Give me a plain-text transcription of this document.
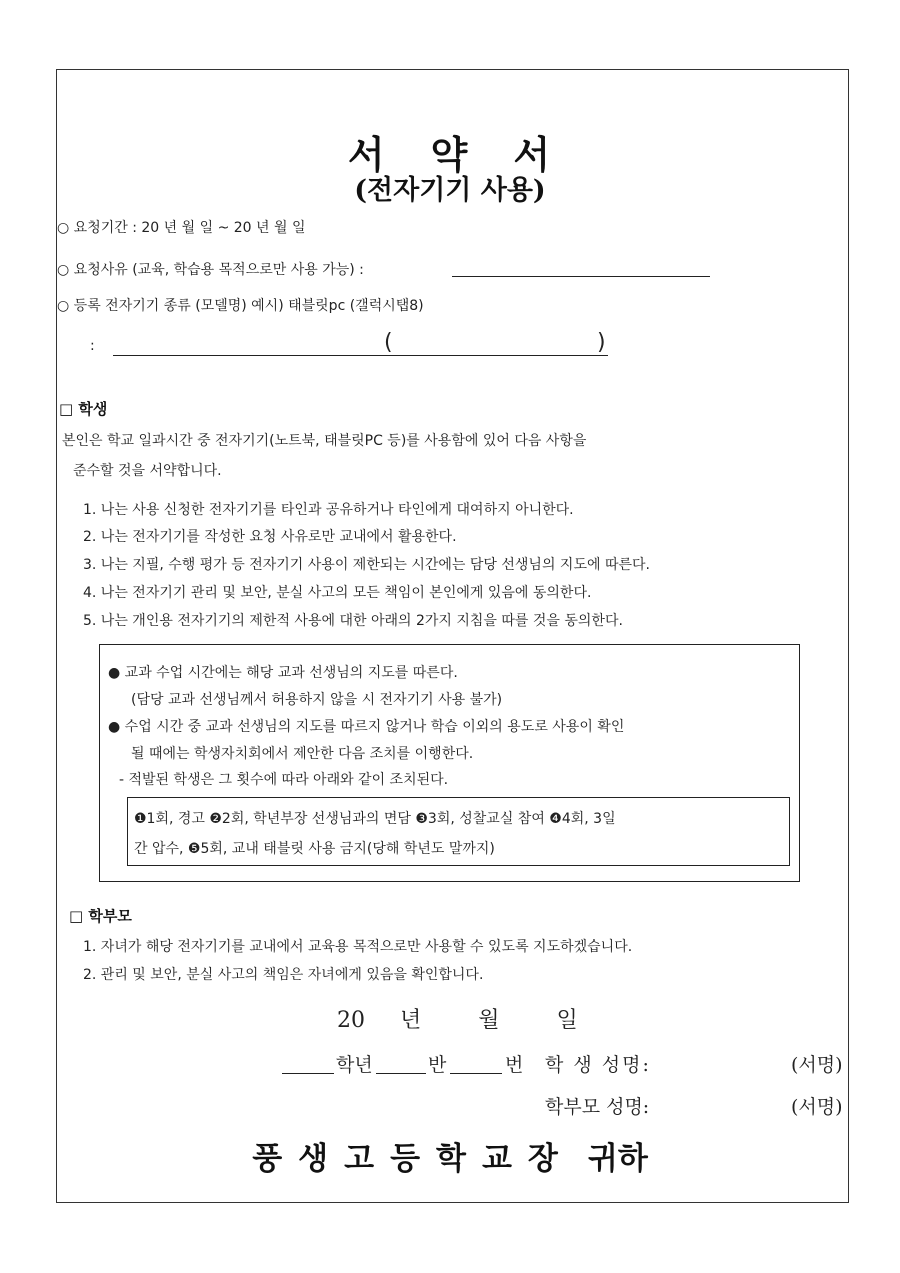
서 약 서
(전자기기 사용)
○ 요청기간 : 20 년 월 일 ~ 20 년 월 일
○ 요청사유 (교육, 학습용 목적으로만 사용 가능) :
○ 등록 전자기기 종류 (모델명) 예시) 태블릿pc (갤럭시탭8)
:	(	)
□ 학생
본인은 학교 일과시간 중 전자기기(노트북, 태블릿PC 등)를 사용함에 있어 다음 사항을
준수할 것을 서약합니다.
1. 나는 사용 신청한 전자기기를 타인과 공유하거나 타인에게 대여하지 아니한다.
2. 나는 전자기기를 작성한 요청 사유로만 교내에서 활용한다.
3. 나는 지필, 수행 평가 등 전자기기 사용이 제한되는 시간에는 담당 선생님의 지도에 따른다.
4. 나는 전자기기 관리 및 보안, 분실 사고의 모든 책임이 본인에게 있음에 동의한다.
5. 나는 개인용 전자기기의 제한적 사용에 대한 아래의 2가지 지침을 따를 것을 동의한다.
● 교과 수업 시간에는 해당 교과 선생님의 지도를 따른다.
(담당 교과 선생님께서 허용하지 않을 시 전자기기 사용 불가)
● 수업 시간 중 교과 선생님의 지도를 따르지 않거나 학습 이외의 용도로 사용이 확인
될 때에는 학생자치회에서 제안한 다음 조치를 이행한다.
- 적발된 학생은 그 횟수에 따라 아래와 같이 조치된다.
❶1회, 경고 ❷2회, 학년부장 선생님과의 면담 ❸3회, 성찰교실 참여 ❹4회, 3일
간 압수, ❺5회, 교내 태블릿 사용 금지(당해 학년도 말까지)
□ 학부모
1. 자녀가 해당 전자기기를 교내에서 교육용 목적으로만 사용할 수 있도록 지도하겠습니다.
2. 관리 및 보안, 분실 사고의 책임은 자녀에게 있음을 확인합니다.
20 년	월	일
학년	반	번 학 생 성명:	(서명)
학부모 성명:	(서명)
풍 생 고 등 학 교 장 귀하
